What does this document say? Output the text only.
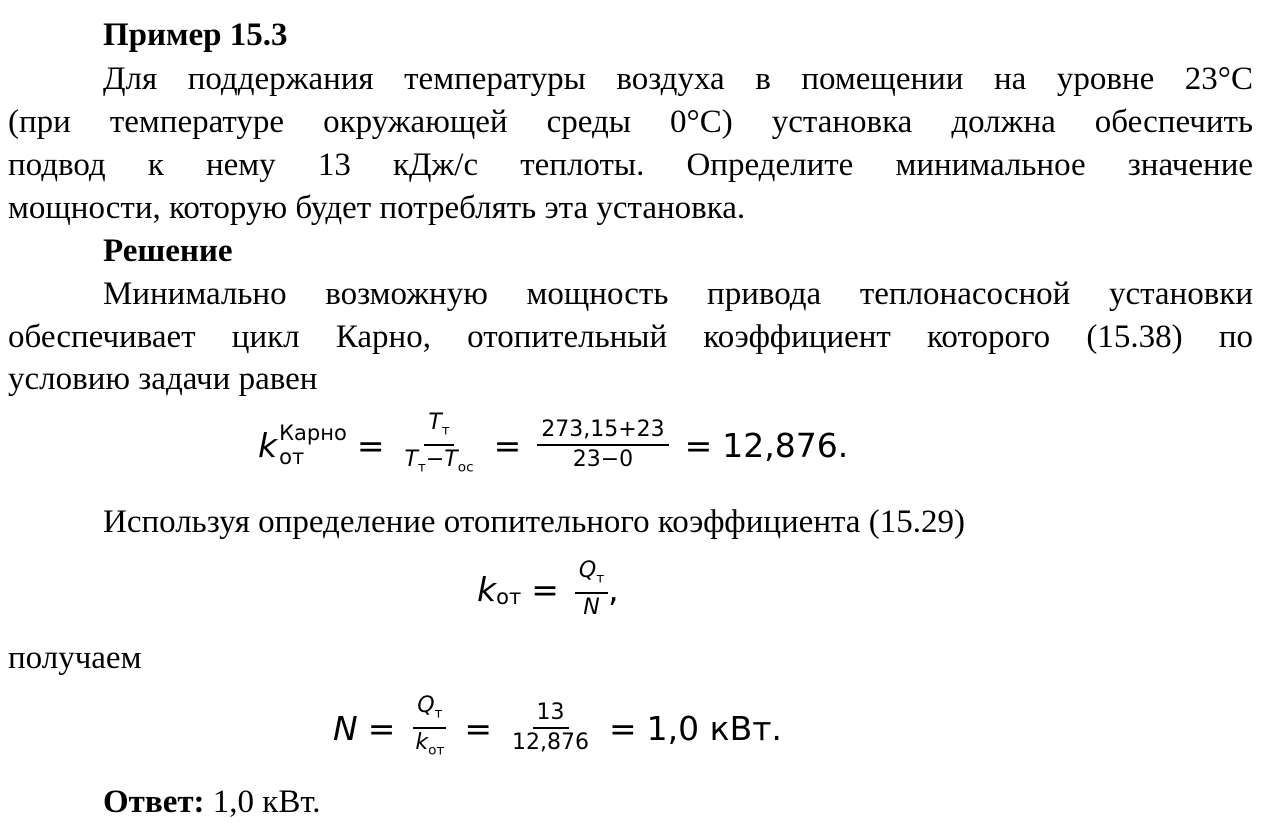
Пример 15.3
Для поддержания температуры воздуха в помещении на уровне 23°С
(при температуре окружающей среды 0°С) установка должна обеспечить
подвод к нему 13 кДж/с теплоты. Определите минимальное значение
мощности, которую будет потреблять эта установка.
Решение
Минимально возможную мощность привода теплонасосной установки
обеспечивает цикл Карно, отопительный коэффициент которого (15.38) по
условию задачи равен
k Карно
от	= $\frac{T_т}{T_т-T_{ос}} = \frac{273,15+23}{23-0} = 12,876$.
Используя определение отопительного коэффициента (15.29)
$k_{от} = \frac{Q_т}{N}$ ,
получаем
$N = \frac{Q_т}{k_{от}} = \frac{13}{12,876} = 1,0$ кВт.
Ответ: 1,0 кВт.
